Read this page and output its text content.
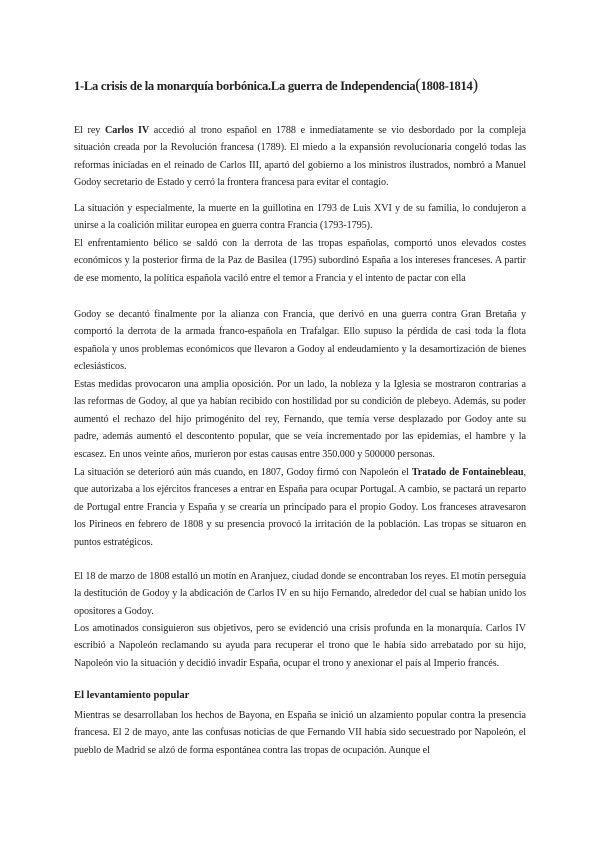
1-La crisis de la monarquía borbónica.La guerra de Independencia(1808-1814)
El rey Carlos IV accedió al trono español en 1788 e inmediatamente se vio desbordado por la compleja situación creada por la Revolución francesa (1789). El miedo a la expansión revolucionaria congeló todas las reformas iniciadas en el reinado de Carlos III, apartó del gobierno a los ministros ilustrados, nombró a Manuel Godoy secretario de Estado y cerró la frontera francesa para evitar el contagio.
La situación y especialmente, la muerte en la guillotina en 1793 de Luis XVI y de su familia, lo condujeron a unirse a la coalición militar europea en guerra contra Francia (1793-1795).
El enfrentamiento bélico se saldó con la derrota de las tropas españolas, comportó unos elevados costes económicos y la posterior firma de la Paz de Basilea (1795) subordinó España a los intereses franceses. A partir de ese momento, la política española vaciló entre el temor a Francia y el intento de pactar con ella
Godoy se decantó finalmente por la alianza con Francia, que derivó en una guerra contra Gran Bretaña y comportó la derrota de la armada franco-española en Trafalgar. Ello supuso la pérdida de casi toda la flota española y unos problemas económicos que llevaron a Godoy al endeudamiento y la desamortización de bienes eclesiásticos.
Estas medidas provocaron una amplia oposición. Por un lado, la nobleza y la Iglesia se mostraron contrarias a las reformas de Godoy, al que ya habían recibido con hostilidad por su condición de plebeyo. Además, su poder aumentó el rechazo del hijo primogénito del rey, Fernando, que temía verse desplazado por Godoy ante su padre, además aumentó el descontento popular, que se veía incrementado por las epidemias, el hambre y la escasez. En unos veinte años, murieron por estas causas entre 350.000 y 500000 personas.
La situación se deterioró aún más cuando, en 1807, Godoy firmó con Napoleón el Tratado de Fontaineblеau, que autorizaba a los ejércitos franceses a entrar en España para ocupar Portugal. A cambio, se pactará un reparto de Portugal entre Francia y España y se crearía un principado para el propio Godoy. Los franceses atravesaron los Pirineos en febrero de 1808 y su presencia provocó la irritación de la población. Las tropas se situaron en puntos estratégicos.
El 18 de marzo de 1808 estalló un motín en Aranjuez, ciudad donde se encontraban los reyes. El motín perseguía la destitución de Godoy y la abdicación de Carlos IV en su hijo Fernando, alrededor del cual se habían unido los opositores a Godoy.
Los amotinados consiguieron sus objetivos, pero se evidenció una crisis profunda en la monarquía. Carlos IV escribió a Napoleón reclamando su ayuda para recuperar el trono que le había sido arrebatado por su hijo, Napoleón vio la situación y decidió invadir España, ocupar el trono y anexionar el país al Imperio francés.
El levantamiento popular
Mientras se desarrollaban los hechos de Bayona, en España se inició un alzamiento popular contra la presencia francesa. El 2 de mayo, ante las confusas noticias de que Fernando VII había sido secuestrado por Napoleón, el pueblo de Madrid se alzó de forma espontánea contra las tropas de ocupación. Aunque el
